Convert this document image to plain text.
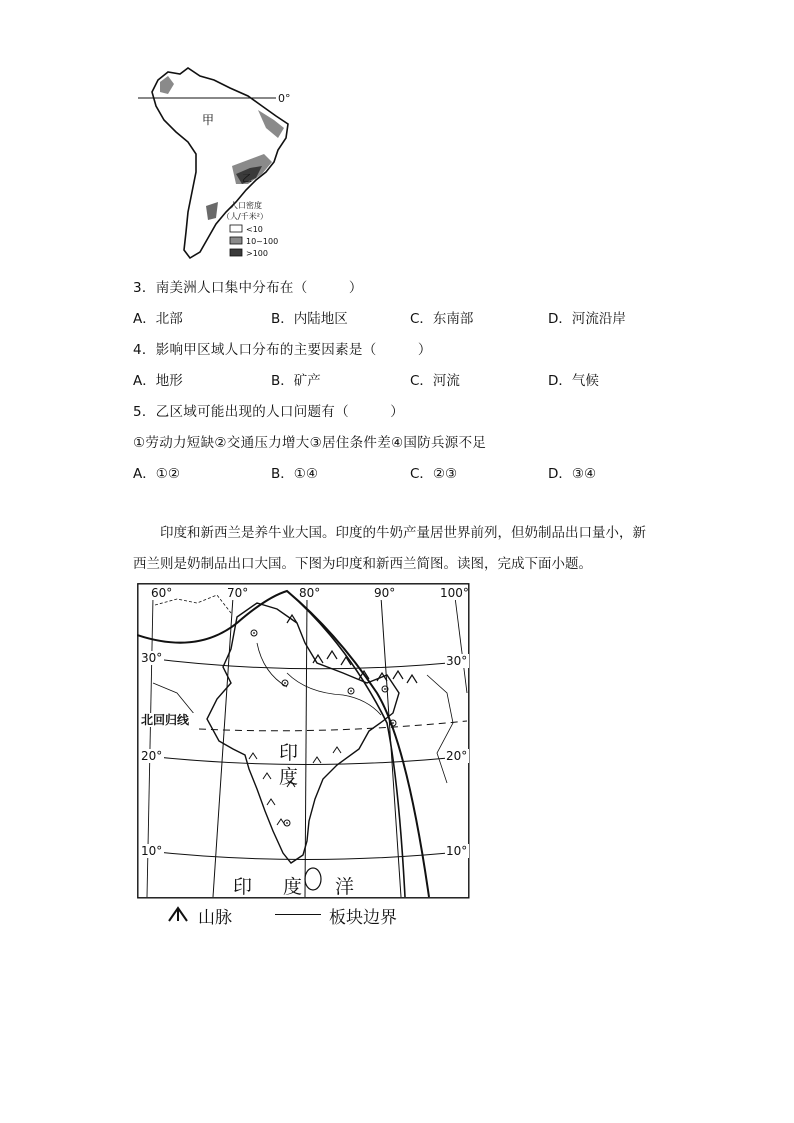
0°
甲
乙
人口密度
（人/千米²）
<10
10~100
>100
3．南美洲人口集中分布在（　　　）
A．北部	B．内陆地区	C．东南部	D．河流沿岸
4．影响甲区域人口分布的主要因素是（　　　）
A．地形	B．矿产	C．河流	D．气候
5．乙区域可能出现的人口问题有（　　　）
①劳动力短缺②交通压力增大③居住条件差④国防兵源不足
A．①②	B．①④	C．②③	D．③④

印度和新西兰是养牛业大国。印度的牛奶产量居世界前列，但奶制品出口量小，新

西兰则是奶制品出口大国。下图为印度和新西兰简图。读图，完成下面小题。

60°	70°	80°	90°	100°
30°
20°
10°
30°
20°
10°
北回归线
印
度
印 度 洋
山脉	板块边界
